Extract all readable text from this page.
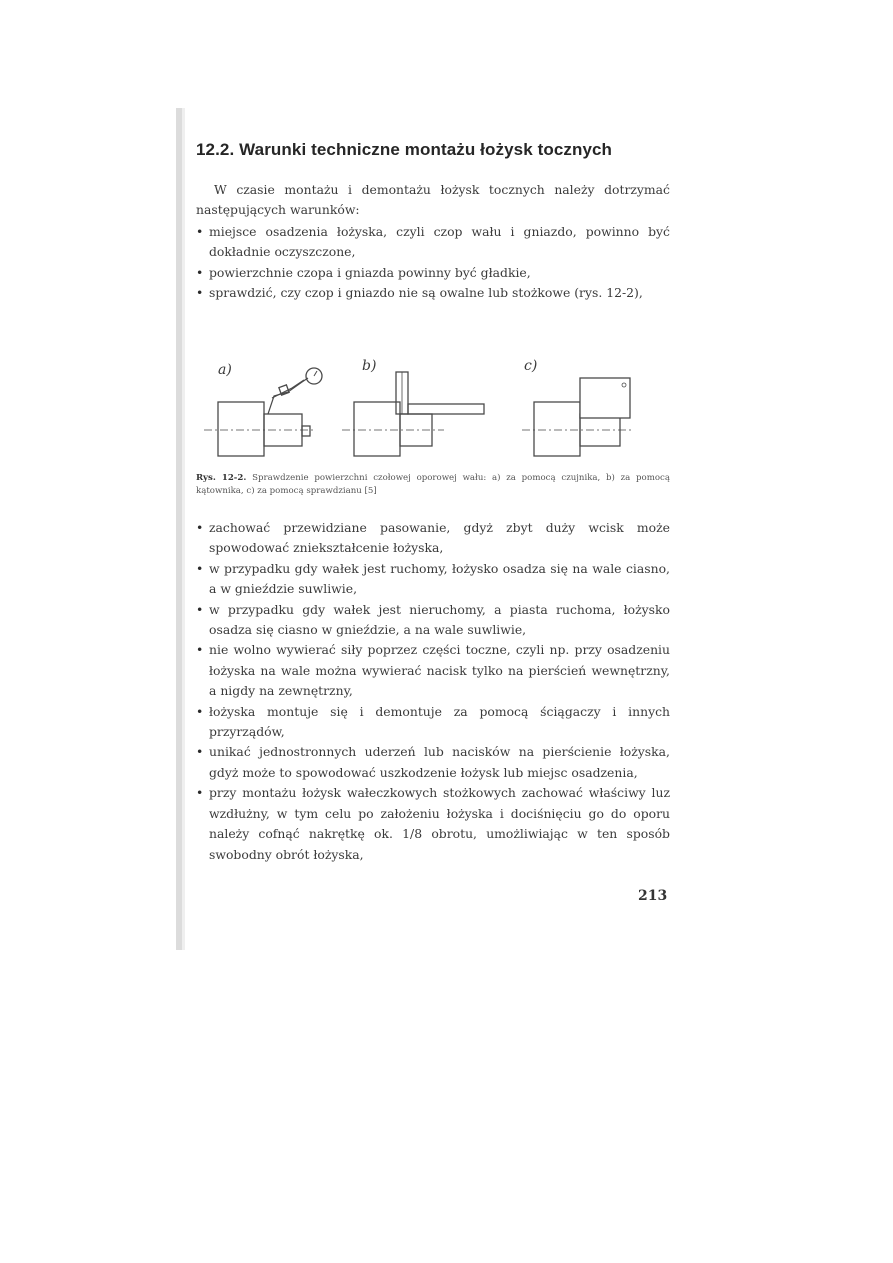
12.2. Warunki techniczne montażu łożysk tocznych
W czasie montażu i demontażu łożysk tocznych należy dotrzymać następujących warunków:
• miejsce osadzenia łożyska, czyli czop wału i gniazdo, powinno być dokładnie oczyszczone,
• powierzchnie czopa i gniazda powinny być gładkie,
• sprawdzić, czy czop i gniazdo nie są owalne lub stożkowe (rys. 12-2),
a)	b)	c)
Rys. 12-2. Sprawdzenie powierzchni czołowej oporowej wału: a) za pomocą czujnika, b) za pomocą kątownika, c) za pomocą sprawdzianu [5]
• zachować przewidziane pasowanie, gdyż zbyt duży wcisk może spowodować zniekształcenie łożyska,
• w przypadku gdy wałek jest ruchomy, łożysko osadza się na wale ciasno, a w gnieździe suwliwie,
• w przypadku gdy wałek jest nieruchomy, a piasta ruchoma, łożysko osadza się ciasno w gnieździe, a na wale suwliwie,
• nie wolno wywierać siły poprzez części toczne, czyli np. przy osadzeniu łożyska na wale można wywierać nacisk tylko na pierścień wewnętrzny, a nigdy na zewnętrzny,
• łożyska montuje się i demontuje za pomocą ściągaczy i innych przyrządów,
• unikać jednostronnych uderzeń lub nacisków na pierścienie łożyska, gdyż może to spowodować uszkodzenie łożysk lub miejsc osadzenia,
• przy montażu łożysk wałeczkowych stożkowych zachować właściwy luz wzdłużny, w tym celu po założeniu łożyska i dociśnięciu go do oporu należy cofnąć nakrętkę ok. 1/8 obrotu, umożliwiając w ten sposób swobodny obrót łożyska,
213
